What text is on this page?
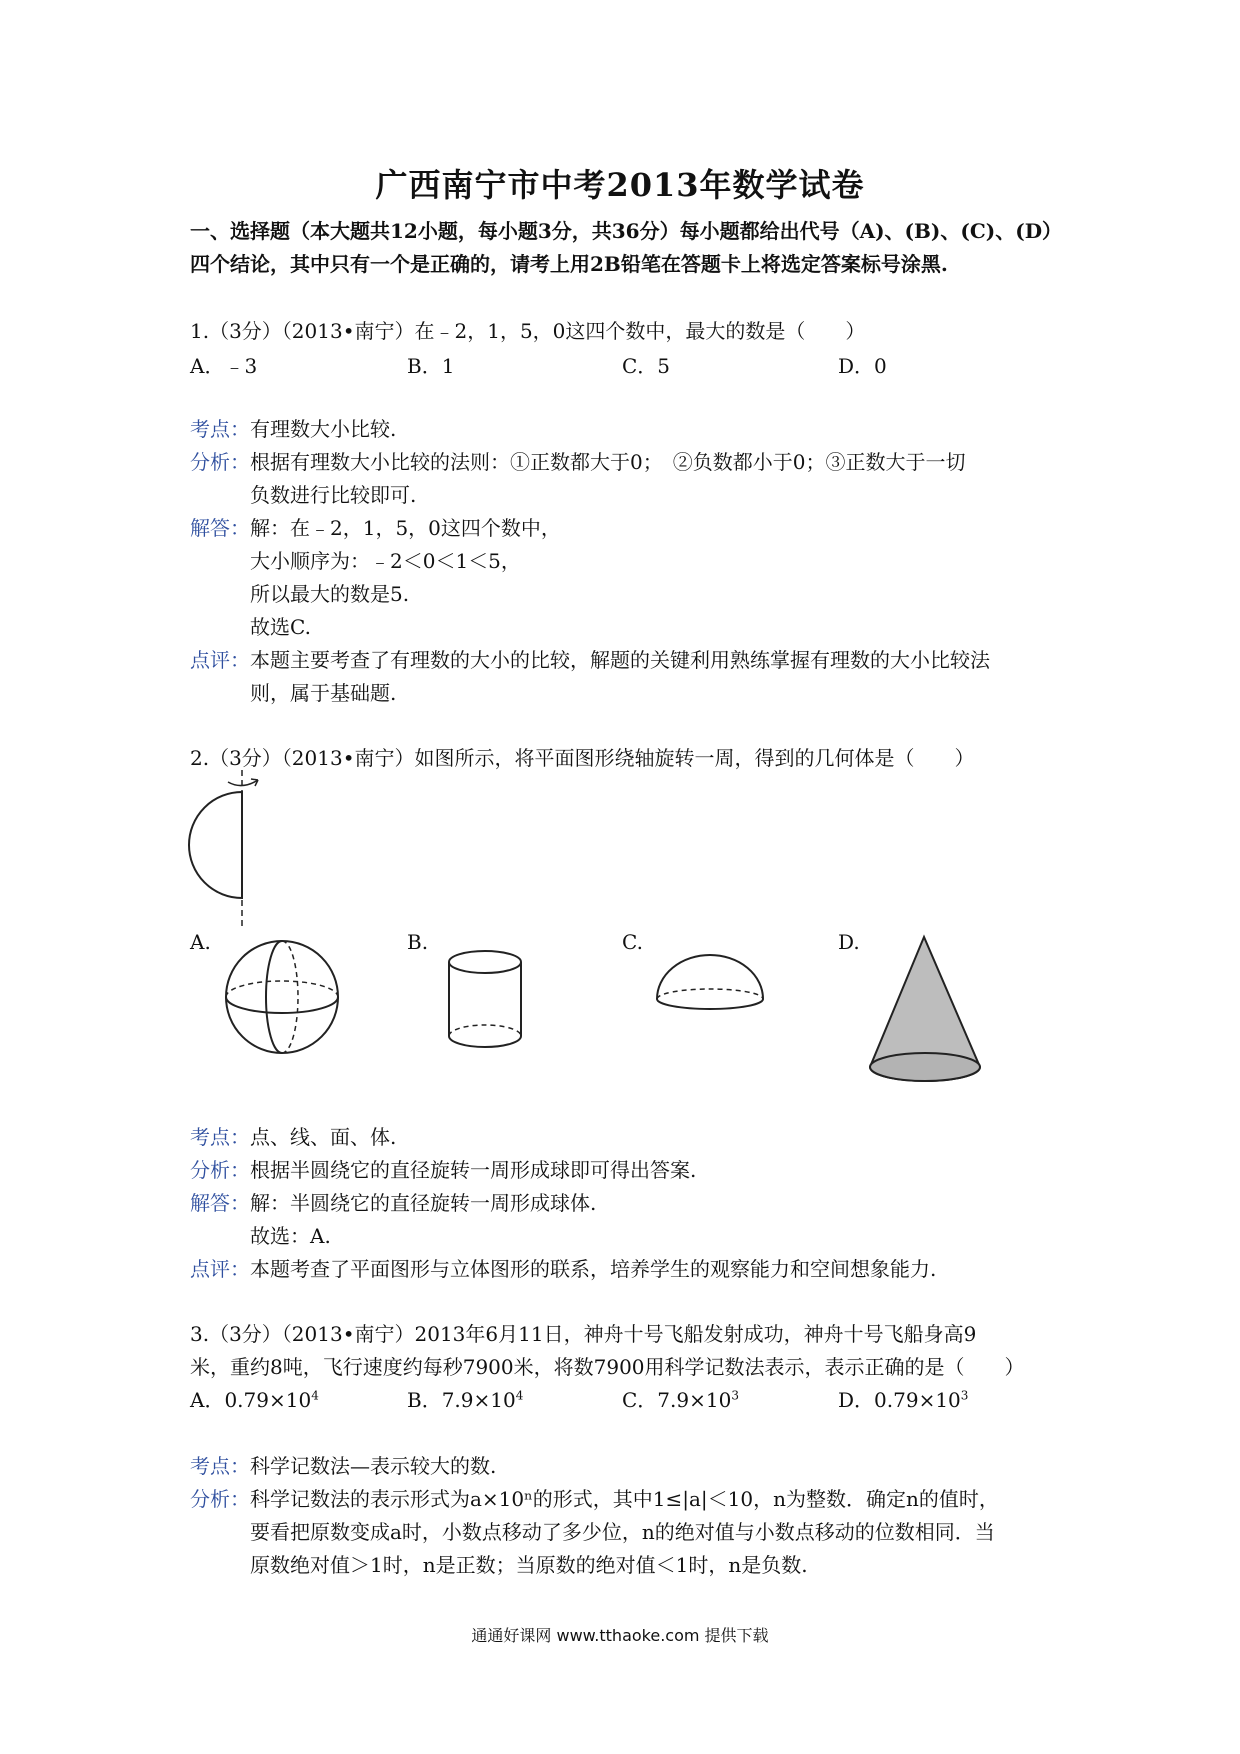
广西南宁市中考2013年数学试卷
一、选择题（本大题共12小题，每小题3分，共36分）每小题都给出代号（A)、(B)、(C)、(D）四个结论，其中只有一个是正确的，请考上用2B铅笔在答题卡上将选定答案标号涂黑.
1.（3分）（2013•南宁）在﹣2，1，5，0这四个数中，最大的数是（　　）
A．﹣3	B．1	C．5	D．0
考点：有理数大小比较.
分析：根据有理数大小比较的法则：①正数都大于0；　②负数都小于0；③正数大于一切
负数进行比较即可.
解答：解：在﹣2，1，5，0这四个数中，
大小顺序为：﹣2＜0＜1＜5，
所以最大的数是5.
故选C.
点评：本题主要考查了有理数的大小的比较，解题的关键利用熟练掌握有理数的大小比较法
则，属于基础题.
2.（3分）（2013•南宁）如图所示，将平面图形绕轴旋转一周，得到的几何体是（　　）
A.	B.	C.	D.
考点：点、线、面、体.
分析：根据半圆绕它的直径旋转一周形成球即可得出答案.
解答：解：半圆绕它的直径旋转一周形成球体.
故选：A.
点评：本题考查了平面图形与立体图形的联系，培养学生的观察能力和空间想象能力.
3.（3分）（2013•南宁）2013年6月11日，神舟十号飞船发射成功，神舟十号飞船身高9
米，重约8吨，飞行速度约每秒7900米，将数7900用科学记数法表示，表示正确的是（　　）
A．$0.79\times 10^4$	B．$7.9\times 10^4$	C．$7.9\times 10^3$	D．$0.79\times 10^3$
考点：科学记数法—表示较大的数.
分析：科学记数法的表示形式为a×10ⁿ的形式，其中1≤|a|＜10，n为整数．确定n的值时，
要看把原数变成a时，小数点移动了多少位，n的绝对值与小数点移动的位数相同．当
原数绝对值＞1时，n是正数；当原数的绝对值＜1时，n是负数.
通通好课网 www.tthaoke.com 提供下载
